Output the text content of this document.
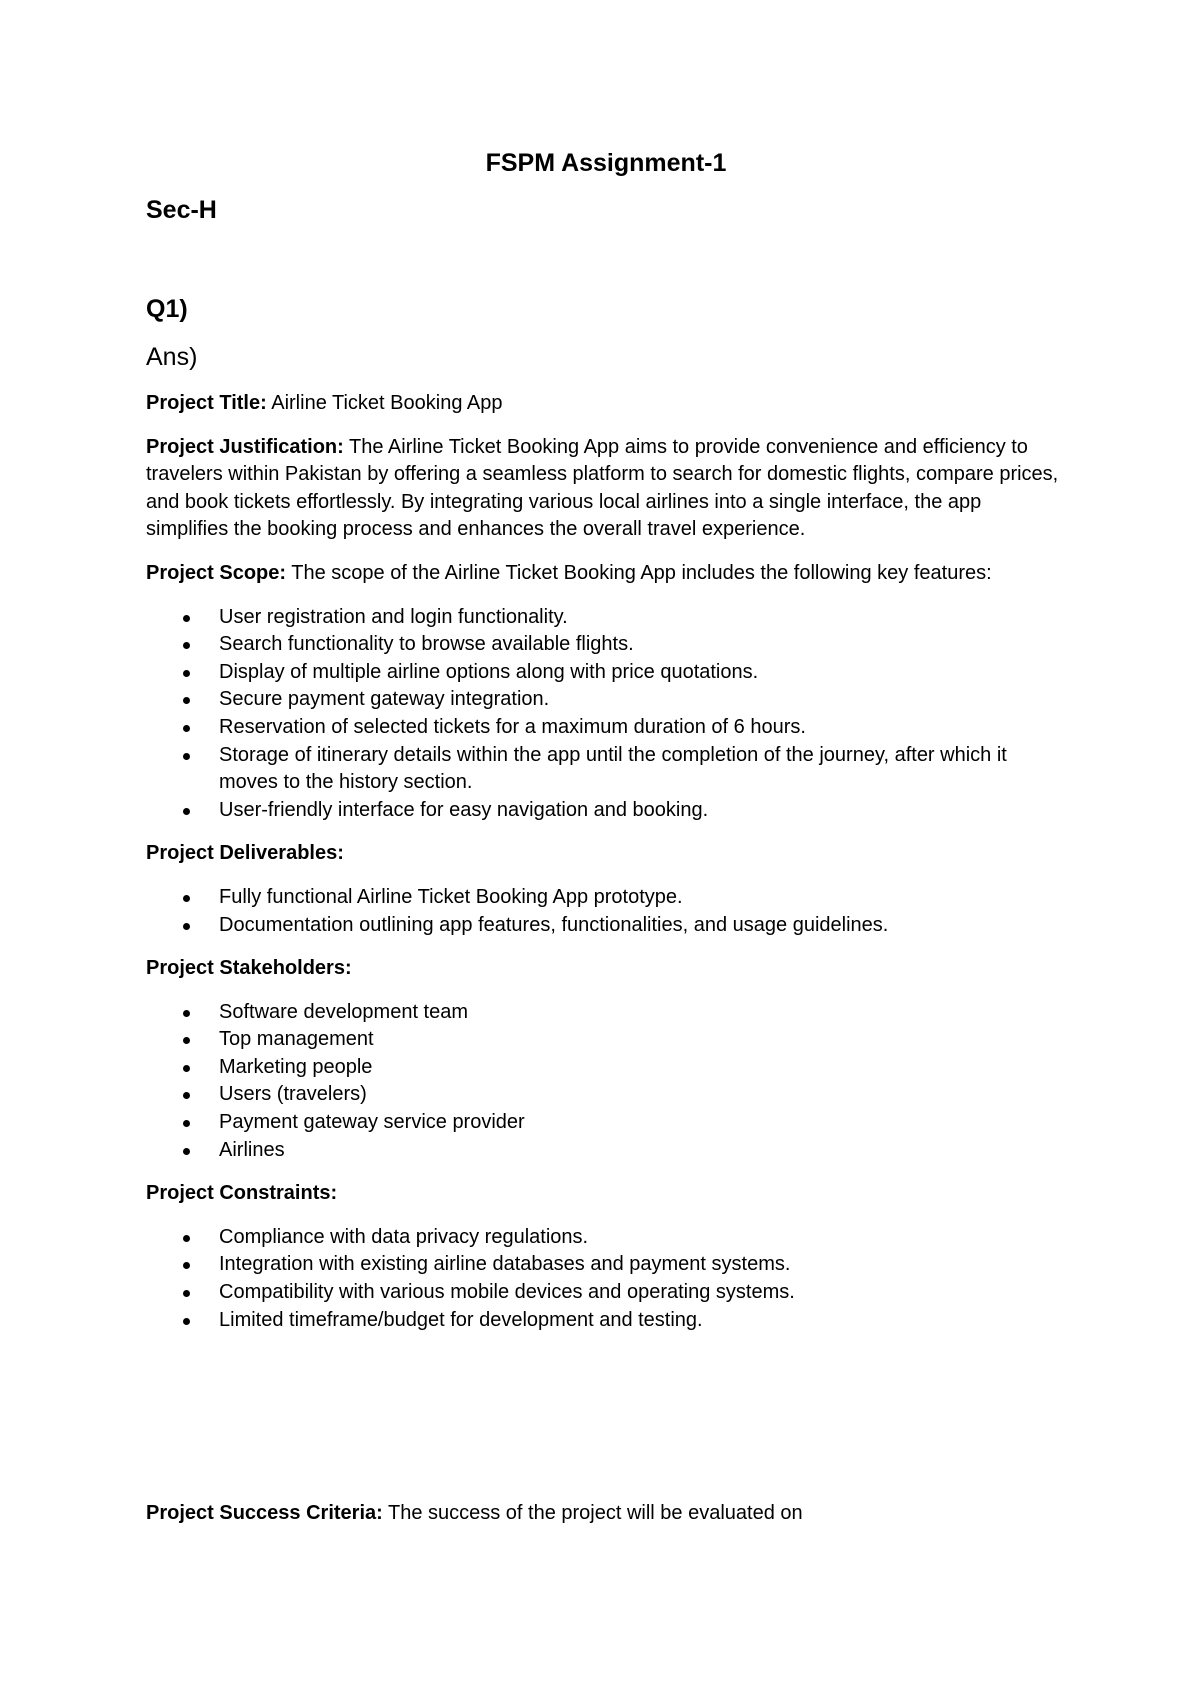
FSPM Assignment-1
Sec-H
Q1)
Ans)

Project Title: Airline Ticket Booking App

Project Justification: The Airline Ticket Booking App aims to provide convenience and efficiency to travelers within Pakistan by offering a seamless platform to search for domestic flights, compare prices, and book tickets effortlessly. By integrating various local airlines into a single interface, the app simplifies the booking process and enhances the overall travel experience.

Project Scope: The scope of the Airline Ticket Booking App includes the following key features:

User registration and login functionality.
Search functionality to browse available flights.
Display of multiple airline options along with price quotations.
Secure payment gateway integration.
Reservation of selected tickets for a maximum duration of 6 hours.
Storage of itinerary details within the app until the completion of the journey, after which it moves to the history section.
User-friendly interface for easy navigation and booking.

Project Deliverables:

Fully functional Airline Ticket Booking App prototype.
Documentation outlining app features, functionalities, and usage guidelines.

Project Stakeholders:

Software development team
Top management
Marketing people
Users (travelers)
Payment gateway service provider
Airlines

Project Constraints:

Compliance with data privacy regulations.
Integration with existing airline databases and payment systems.
Compatibility with various mobile devices and operating systems.
Limited timeframe/budget for development and testing.
Project Success Criteria: The success of the project will be evaluated on
